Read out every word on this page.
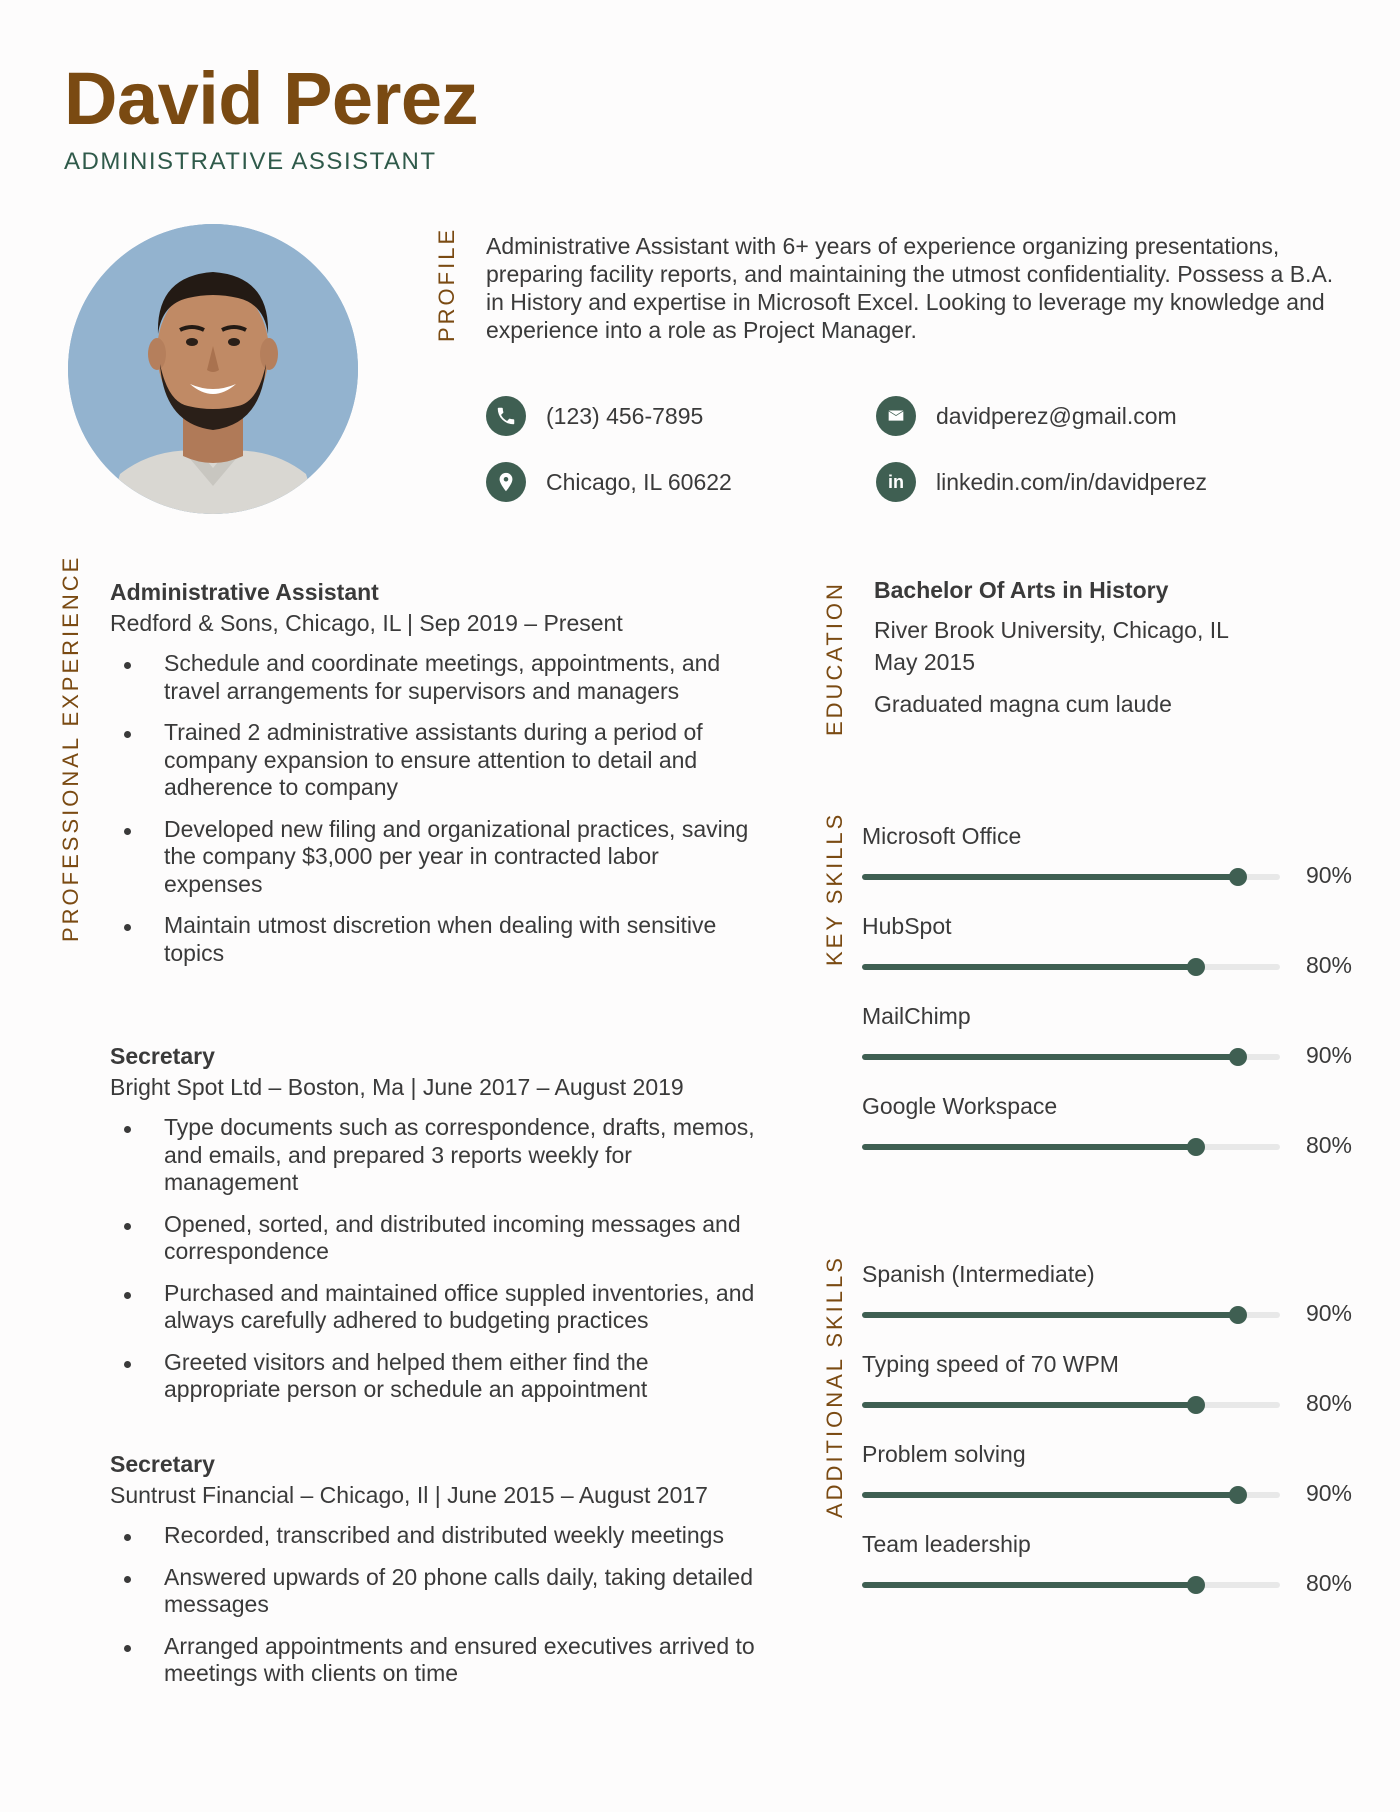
David Perez
ADMINISTRATIVE ASSISTANT
PROFILE Administrative Assistant with 6+ years of experience organizing presentations, preparing facility reports, and maintaining the utmost confidentiality. Possess a B.A. in History and expertise in Microsoft Excel. Looking to leverage my knowledge and experience into a role as Project Manager.
(123) 456-7895	davidperez@gmail.com
Chicago, IL 60622	in	linkedin.com/in/davidperez
PROFESSIONAL EXPERIENCE Administrative Assistant
Redford & Sons, Chicago, IL | Sep 2019 – Present
Schedule and coordinate meetings, appointments, and travel arrangements for supervisors and managers
Trained 2 administrative assistants during a period of company expansion to ensure attention to detail and adherence to company
Developed new filing and organizational practices, saving the company $3,000 per year in contracted labor expenses
Maintain utmost discretion when dealing with sensitive topics
Secretary
Bright Spot Ltd – Boston, Ma | June 2017 – August 2019
Type documents such as correspondence, drafts, memos, and emails, and prepared 3 reports weekly for management
Opened, sorted, and distributed incoming messages and correspondence
Purchased and maintained office suppled inventories, and always carefully adhered to budgeting practices
Greeted visitors and helped them either find the appropriate person or schedule an appointment
Secretary
Suntrust Financial – Chicago, Il | June 2015 – August 2017
Recorded, transcribed and distributed weekly meetings
Answered upwards of 20 phone calls daily, taking detailed messages
Arranged appointments and ensured executives arrived to meetings with clients on time
EDUCATION Bachelor Of Arts in History
River Brook University, Chicago, IL
May 2015
Graduated magna cum laude
KEY SKILLS Microsoft Office
90%
HubSpot
80%
MailChimp
90%
Google Workspace
80%
ADDITIONAL SKILLS Spanish (Intermediate)
90%
Typing speed of 70 WPM
80%
Problem solving
90%
Team leadership
80%
